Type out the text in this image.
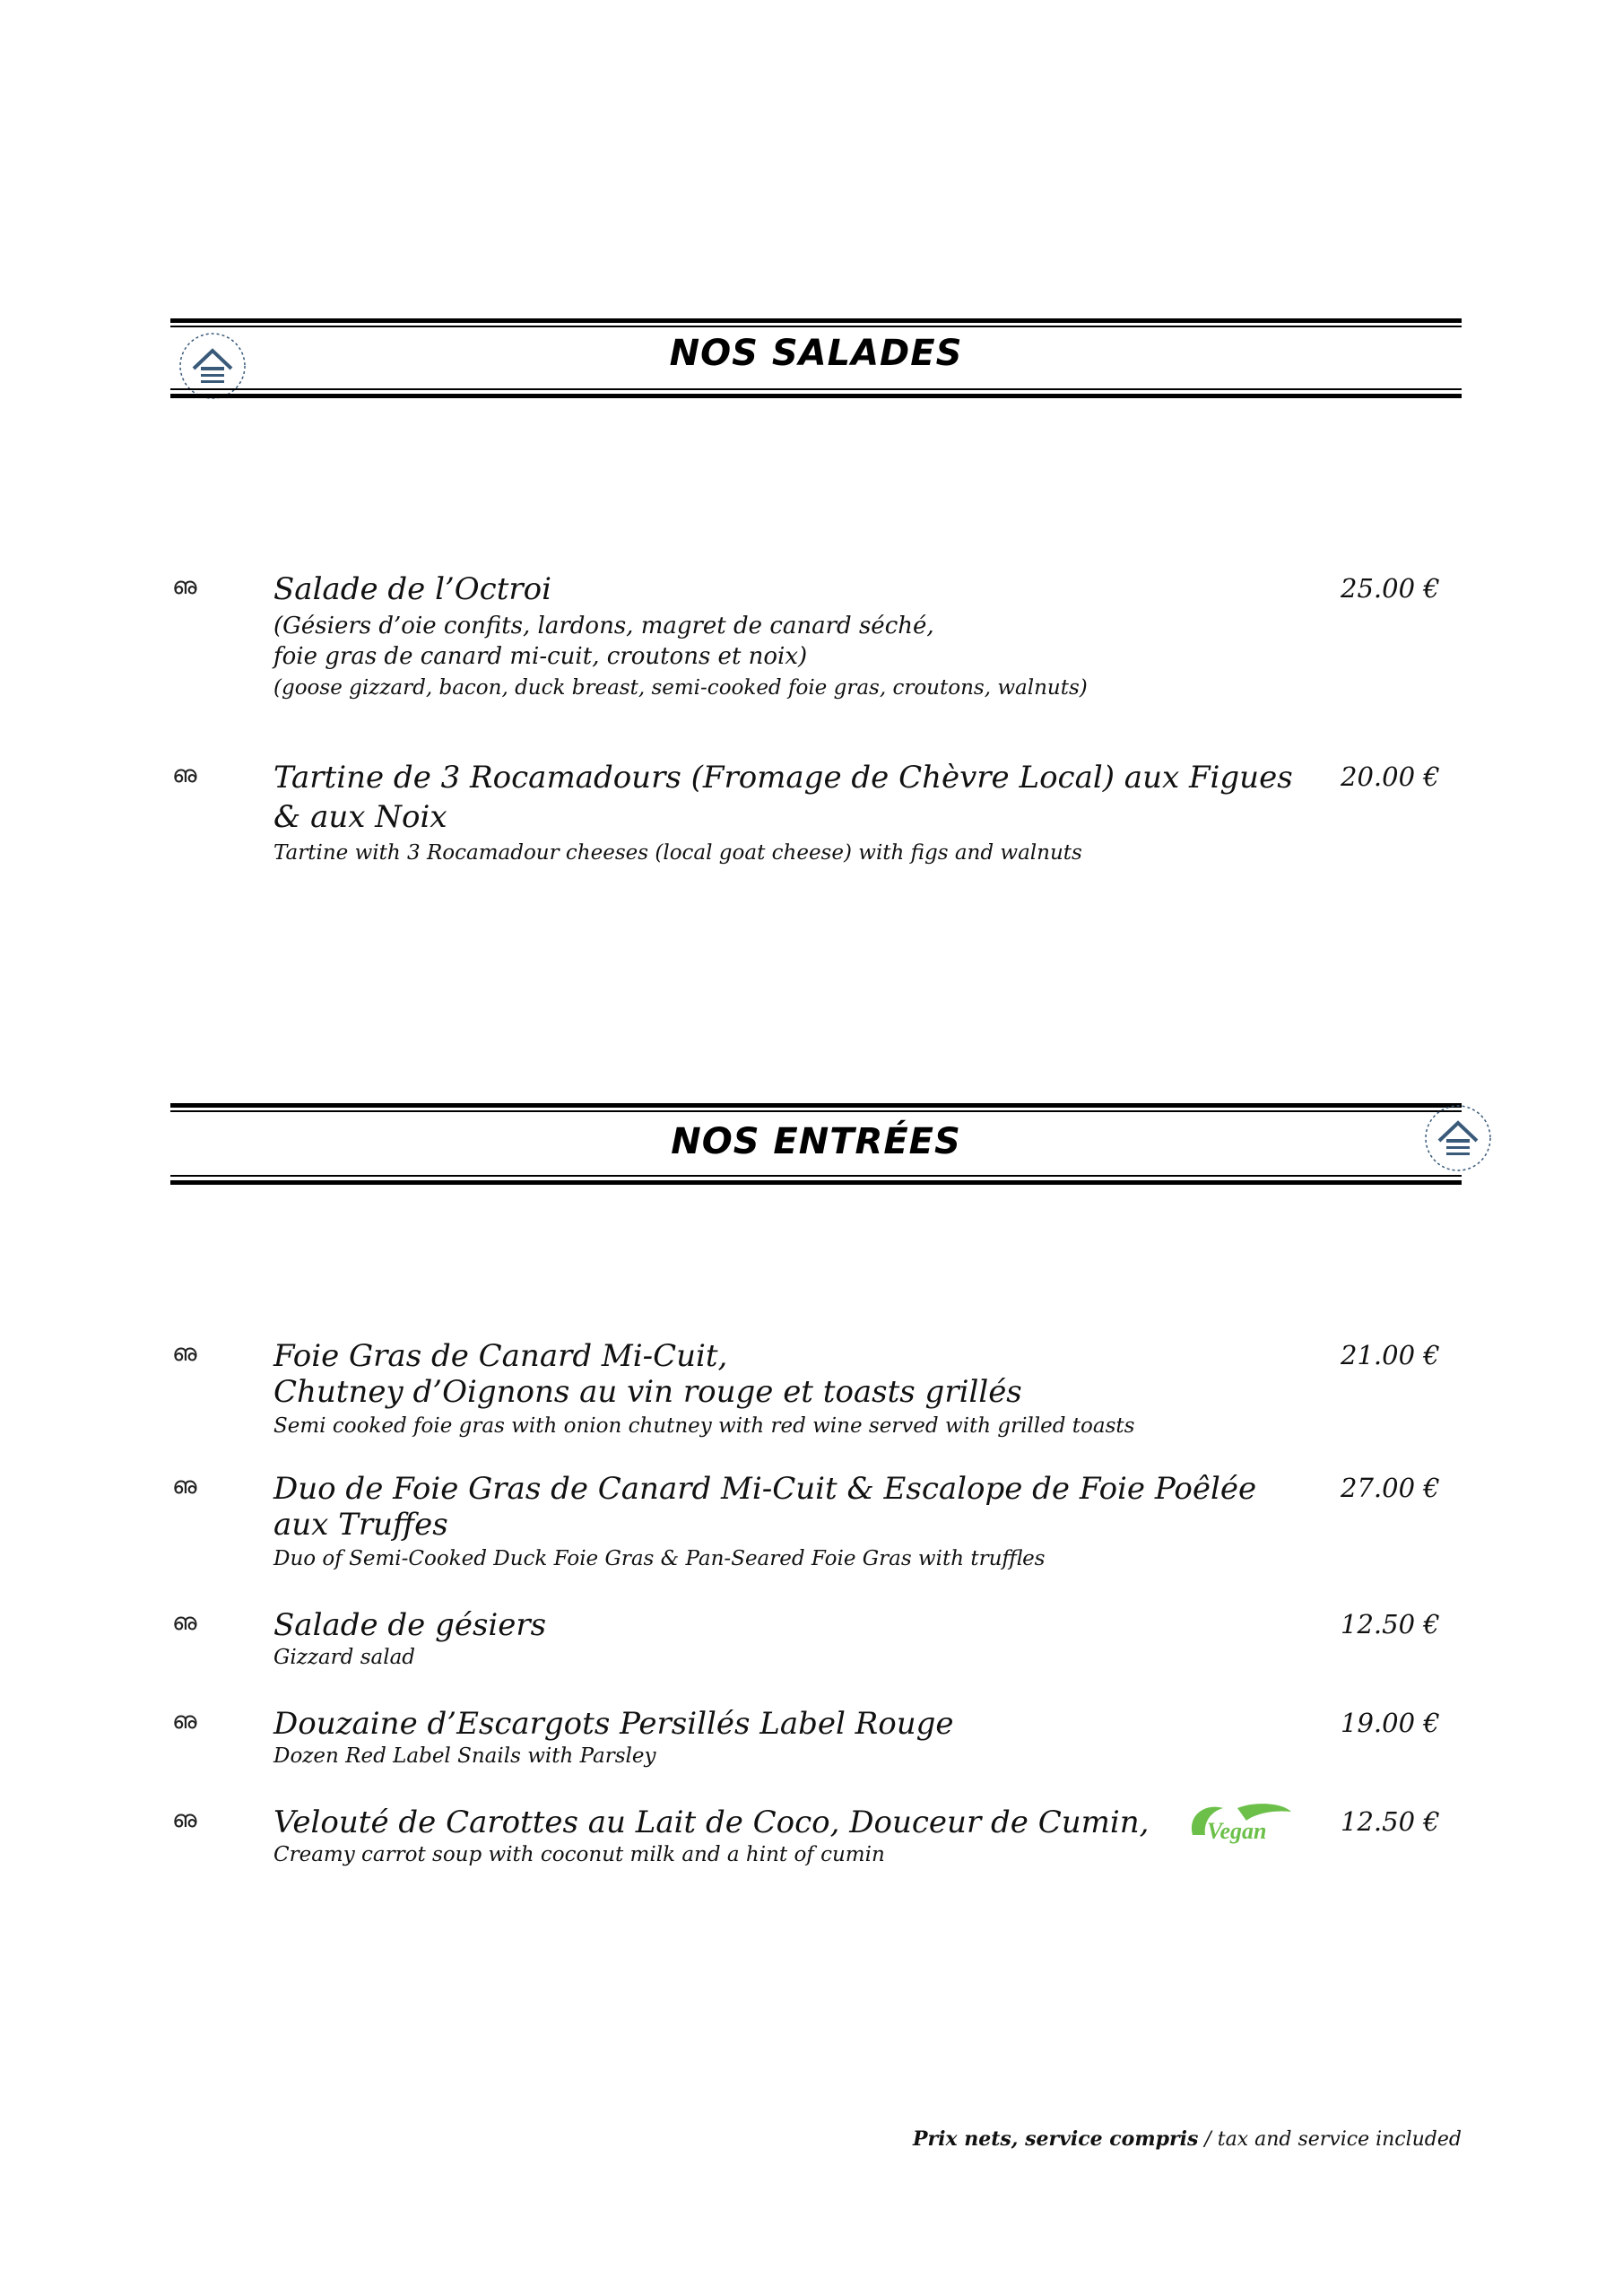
NOS SALADES
ഌ	Salade de l’Octroi	25.00 €
(Gésiers d’oie confits, lardons, magret de canard séché,
foie gras de canard mi-cuit, croutons et noix)
(goose gizzard, bacon, duck breast, semi-cooked foie gras, croutons, walnuts)
ഌ	Tartine de 3 Rocamadours (Fromage de Chèvre Local) aux Figues
& aux Noix
20.00 €
Tartine with 3 Rocamadour cheeses (local goat cheese) with figs and walnuts
NOS ENTRÉES
ഌ	Foie Gras de Canard Mi-Cuit,
Chutney d’Oignons au vin rouge et toasts grillés
21.00 €
Semi cooked foie gras with onion chutney with red wine served with grilled toasts
ഌ	Duo de Foie Gras de Canard Mi-Cuit & Escalope de Foie Poêlée
aux Truffes
27.00 €
Duo of Semi-Cooked Duck Foie Gras & Pan-Seared Foie Gras with truffles
ഌ	Salade de gésiers	12.50 €
Gizzard salad
ഌ	Douzaine d’Escargots Persillés Label Rouge	19.00 €
Dozen Red Label Snails with Parsley
ഌ	Velouté de Carottes au Lait de Coco, Douceur de Cumin,	Vegan	12.50 €
Creamy carrot soup with coconut milk and a hint of cumin
Prix nets, service compris / tax and service included
